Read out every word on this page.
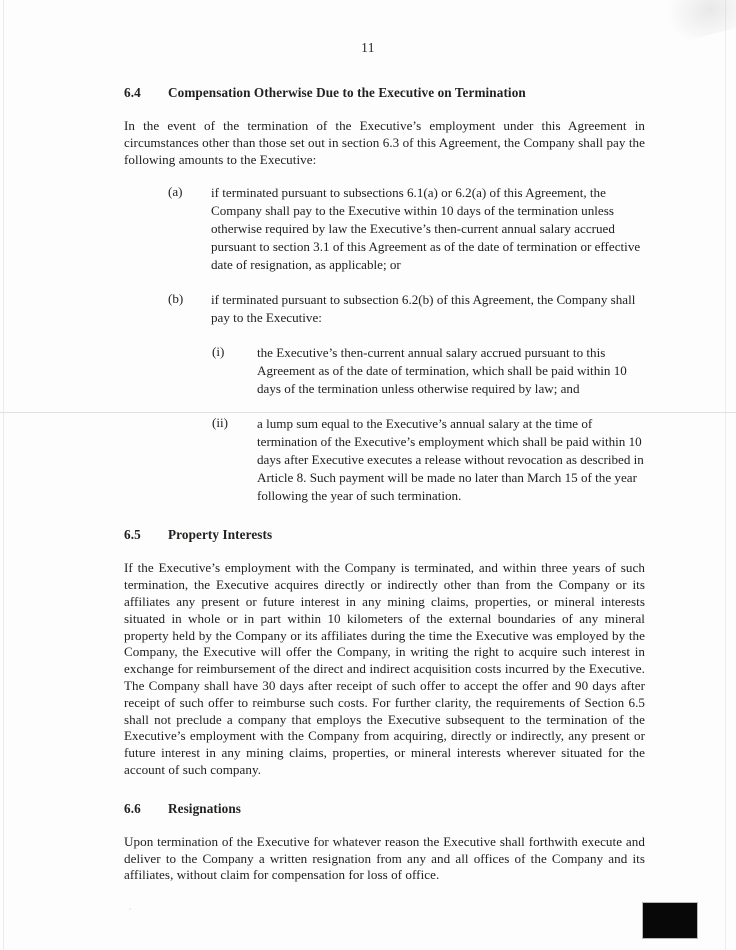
11
6.4	Compensation Otherwise Due to the Executive on Termination

In the event of the termination of the Executive’s employment under this Agreement in circumstances other than those set out in section 6.3 of this Agreement, the Company shall pay the following amounts to the Executive:

(a) if terminated pursuant to subsections 6.1(a) or 6.2(a) of this Agreement, the Company shall pay to the Executive within 10 days of the termination unless otherwise required by law the Executive’s then-current annual salary accrued pursuant to section 3.1 of this Agreement as of the date of termination or effective date of resignation, as applicable; or
(b) if terminated pursuant to subsection 6.2(b) of this Agreement, the Company shall pay to the Executive:
(i) the Executive’s then-current annual salary accrued pursuant to this Agreement as of the date of termination, which shall be paid within 10 days of the termination unless otherwise required by law; and
(ii) a lump sum equal to the Executive’s annual salary at the time of termination of the Executive’s employment which shall be paid within 10 days after Executive executes a release without revocation as described in Article 8. Such payment will be made no later than March 15 of the year following the year of such termination.
6.5	Property Interests

If the Executive’s employment with the Company is terminated, and within three years of such termination, the Executive acquires directly or indirectly other than from the Company or its affiliates any present or future interest in any mining claims, properties, or mineral interests situated in whole or in part within 10 kilometers of the external boundaries of any mineral property held by the Company or its affiliates during the time the Executive was employed by the Company, the Executive will offer the Company, in writing the right to acquire such interest in exchange for reimbursement of the direct and indirect acquisition costs incurred by the Executive. The Company shall have 30 days after receipt of such offer to accept the offer and 90 days after receipt of such offer to reimburse such costs. For further clarity, the requirements of Section 6.5 shall not preclude a company that employs the Executive subsequent to the termination of the Executive’s employment with the Company from acquiring, directly or indirectly, any present or future interest in any mining claims, properties, or mineral interests wherever situated for the account of such company.

6.6	Resignations

Upon termination of the Executive for whatever reason the Executive shall forthwith execute and deliver to the Company a written resignation from any and all offices of the Company and its affiliates, without claim for compensation for loss of office.
